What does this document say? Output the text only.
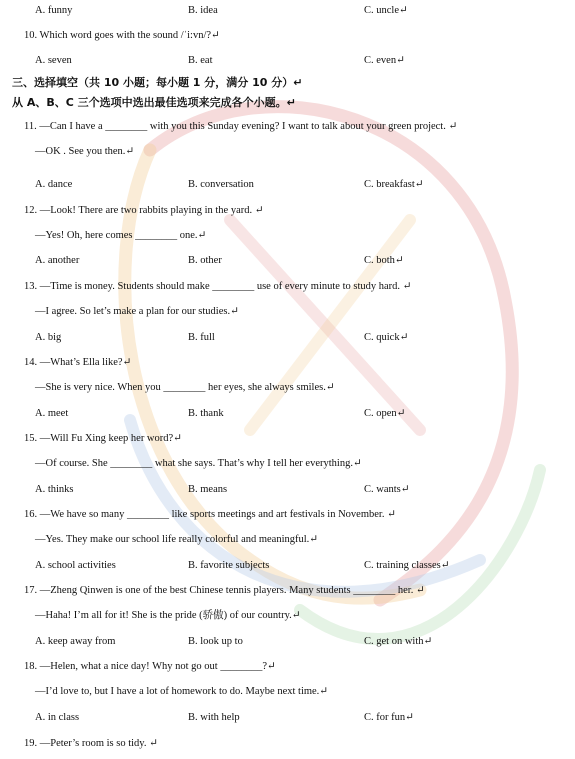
A. funny	B. idea	C. uncle↵
10. Which word goes with the sound /ˈi:vn/?↵
A. seven	B. eat	C. even↵
三、选择填空（共 10 小题；每小题 1 分，满分 10 分）↵
从 A、B、C 三个选项中选出最佳选项来完成各个小题。↵
11. —Can I have a ________ with you this Sunday evening? I want to talk about your green project. ↵
—OK . See you then.↵
A. dance	B. conversation	C. breakfast↵
12. —Look! There are two rabbits playing in the yard. ↵
—Yes! Oh, here comes ________ one.↵
A. another	B. other	C. both↵
13. —Time is money. Students should make ________ use of every minute to study hard. ↵
—I agree. So let’s make a plan for our studies.↵
A. big	B. full	C. quick↵
14. —What’s Ella like?↵
—She is very nice. When you ________ her eyes, she always smiles.↵
A. meet	B. thank	C. open↵
15. —Will Fu Xing keep her word?↵
—Of course. She ________ what she says. That’s why I tell her everything.↵
A. thinks	B. means	C. wants↵
16. —We have so many ________ like sports meetings and art festivals in November. ↵
—Yes. They make our school life really colorful and meaningful.↵
A. school activities	B. favorite subjects	C. training classes↵
17. —Zheng Qinwen is one of the best Chinese tennis players. Many students ________ her. ↵
—Haha! I’m all for it! She is the pride (骄傲) of our country.↵
A. keep away from	B. look up to	C. get on with↵
18. —Helen, what a nice day! Why not go out ________?↵
—I’d love to, but I have a lot of homework to do. Maybe next time.↵
A. in class	B. with help	C. for fun↵
19. —Peter’s room is so tidy. ↵
